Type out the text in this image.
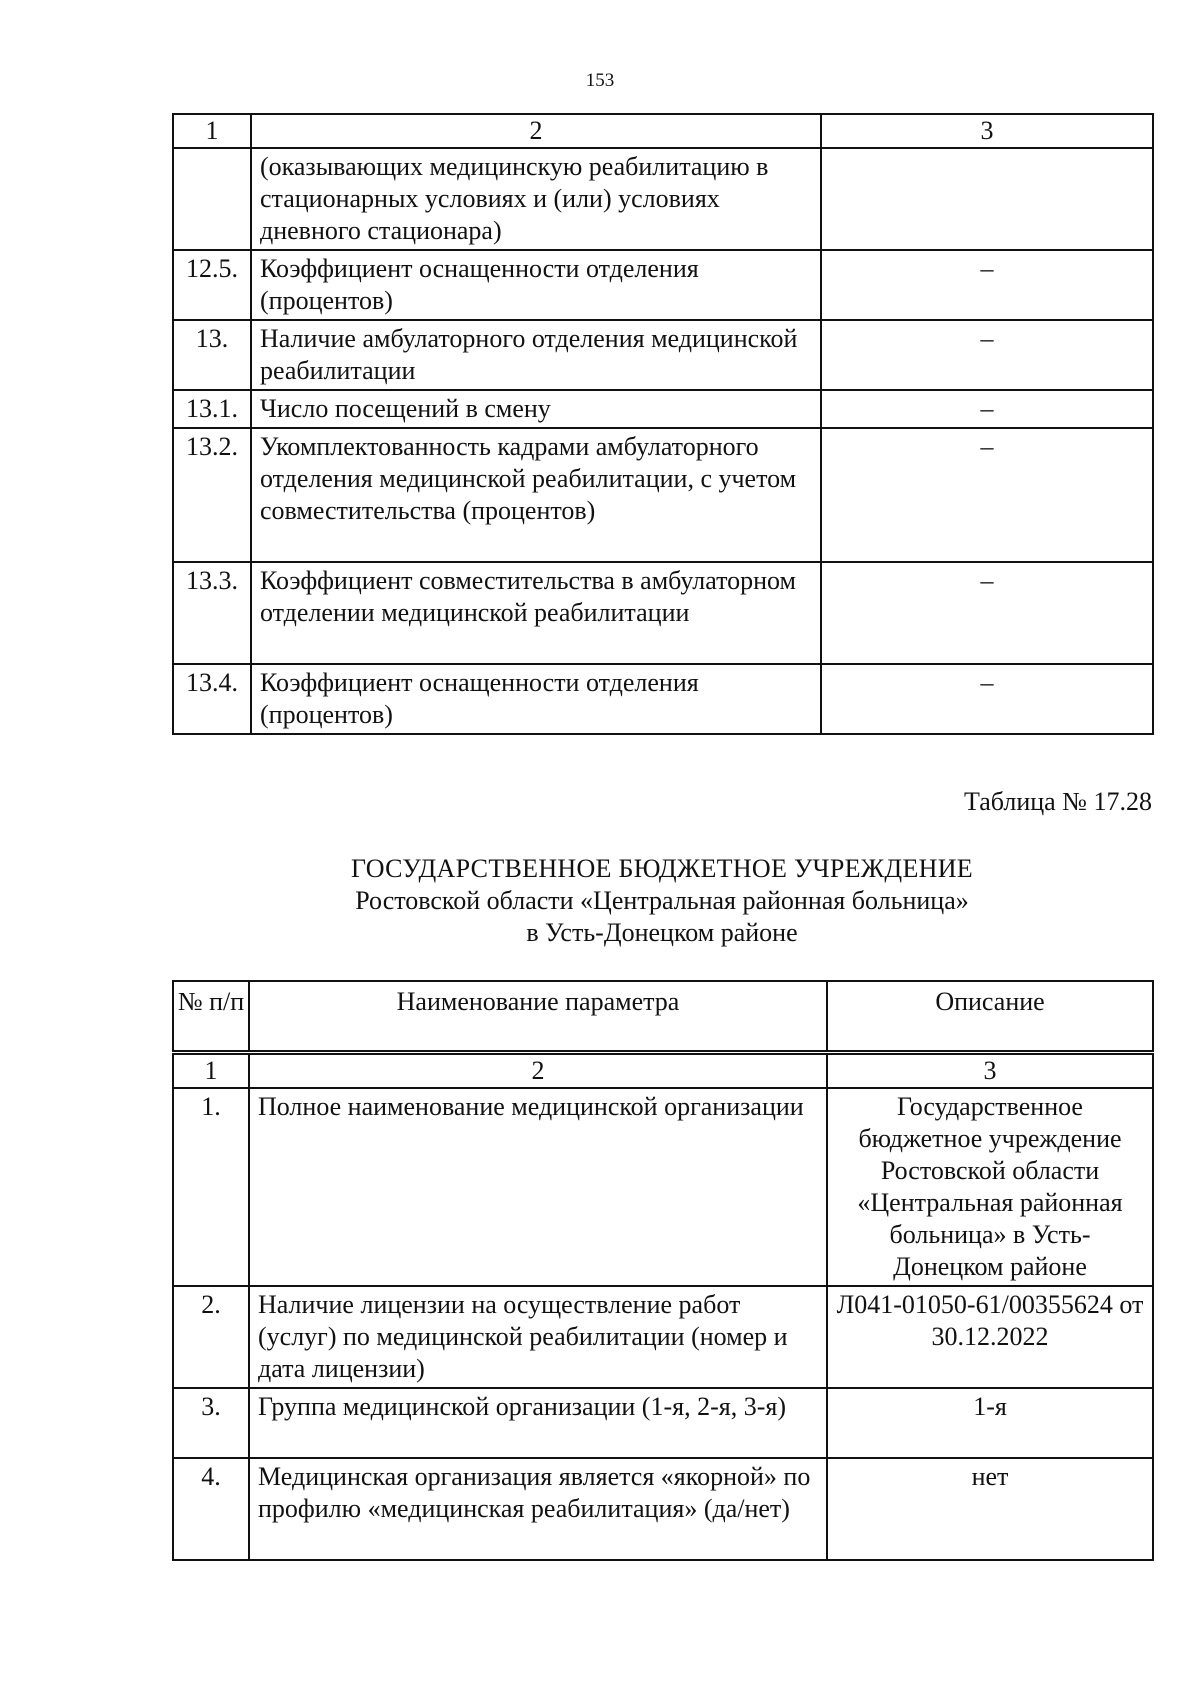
153
1	2	3
	(оказывающих медицинскую реабилитацию в стационарных условиях и (или) условиях дневного стационара)	
12.5.	Коэффициент оснащенности отделения (процентов)	–
13.	Наличие амбулаторного отделения медицинской реабилитации	–
13.1.	Число посещений в смену	–
13.2.	Укомплектованность кадрами амбулаторного отделения медицинской реабилитации, с учетом совместительства (процентов)	–
13.3.	Коэффициент совместительства в амбулаторном отделении медицинской реабилитации	–
13.4.	Коэффициент оснащенности отделения (процентов)	–
Таблица № 17.28
ГОСУДАРСТВЕННОЕ БЮДЖЕТНОЕ УЧРЕЖДЕНИЕ
Ростовской области «Центральная районная больница»
в Усть-Донецком районе
№ п/п	Наименование параметра	Описание
1	2	3
1.	Полное наименование медицинской организации	Государственное бюджетное учреждение Ростовской области «Центральная районная больница» в Усть-Донецком районе
2.	Наличие лицензии на осуществление работ (услуг) по медицинской реабилитации (номер и дата лицензии)	Л041-01050-61/00355624 от 30.12.2022
3.	Группа медицинской организации (1-я, 2-я, 3-я)	1-я
4.	Медицинская организация является «якорной» по профилю «медицинская реабилитация» (да/нет)	нет
